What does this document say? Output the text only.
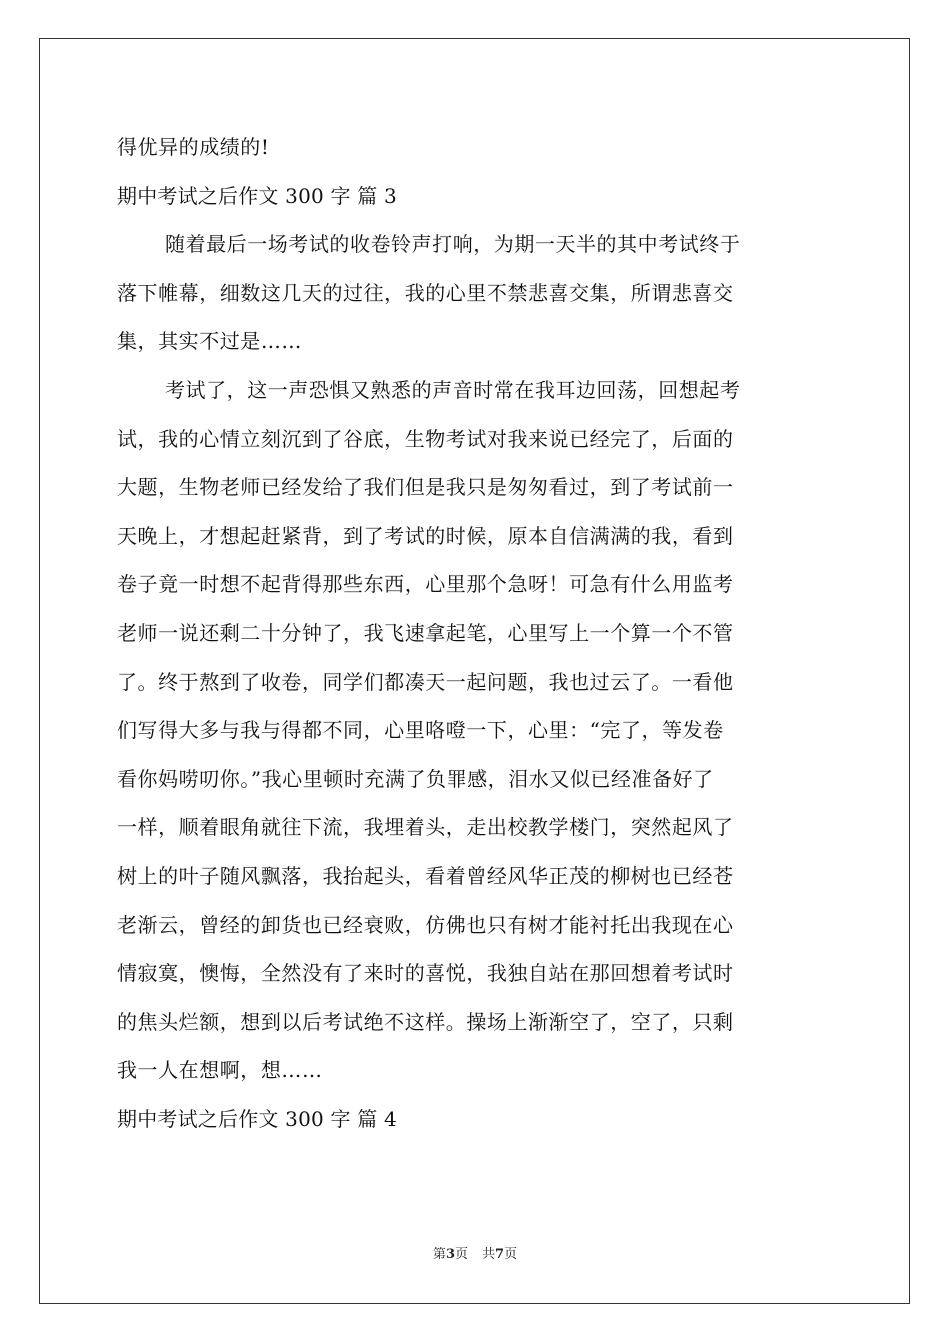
得优异的成绩的!
期中考试之后作文 300 字 篇 3
随着最后一场考试的收卷铃声打响，为期一天半的其中考试终于
落下帷幕，细数这几天的过往，我的心里不禁悲喜交集，所谓悲喜交
集，其实不过是……
考试了，这一声恐惧又熟悉的声音时常在我耳边回荡，回想起考
试，我的心情立刻沉到了谷底，生物考试对我来说已经完了，后面的
大题，生物老师已经发给了我们但是我只是匆匆看过，到了考试前一
天晚上，才想起赶紧背，到了考试的时候，原本自信满满的我，看到
卷子竟一时想不起背得那些东西，心里那个急呀！可急有什么用监考
老师一说还剩二十分钟了，我飞速拿起笔，心里写上一个算一个不管
了。终于熬到了收卷，同学们都凑天一起问题，我也过云了。一看他
们写得大多与我与得都不同，心里咯噔一下，心里：“完了，等发卷
看你妈唠叨你。”我心里顿时充满了负罪感，泪水又似已经准备好了
一样，顺着眼角就往下流，我埋着头，走出校教学楼门，突然起风了
树上的叶子随风飘落，我抬起头，看着曾经风华正茂的柳树也已经苍
老渐云，曾经的卸货也已经衰败，仿佛也只有树才能衬托出我现在心
情寂寞，懊悔，全然没有了来时的喜悦，我独自站在那回想着考试时
的焦头烂额，想到以后考试绝不这样。操场上渐渐空了，空了，只剩
我一人在想啊，想……
期中考试之后作文 300 字 篇 4
第3页 共7页
